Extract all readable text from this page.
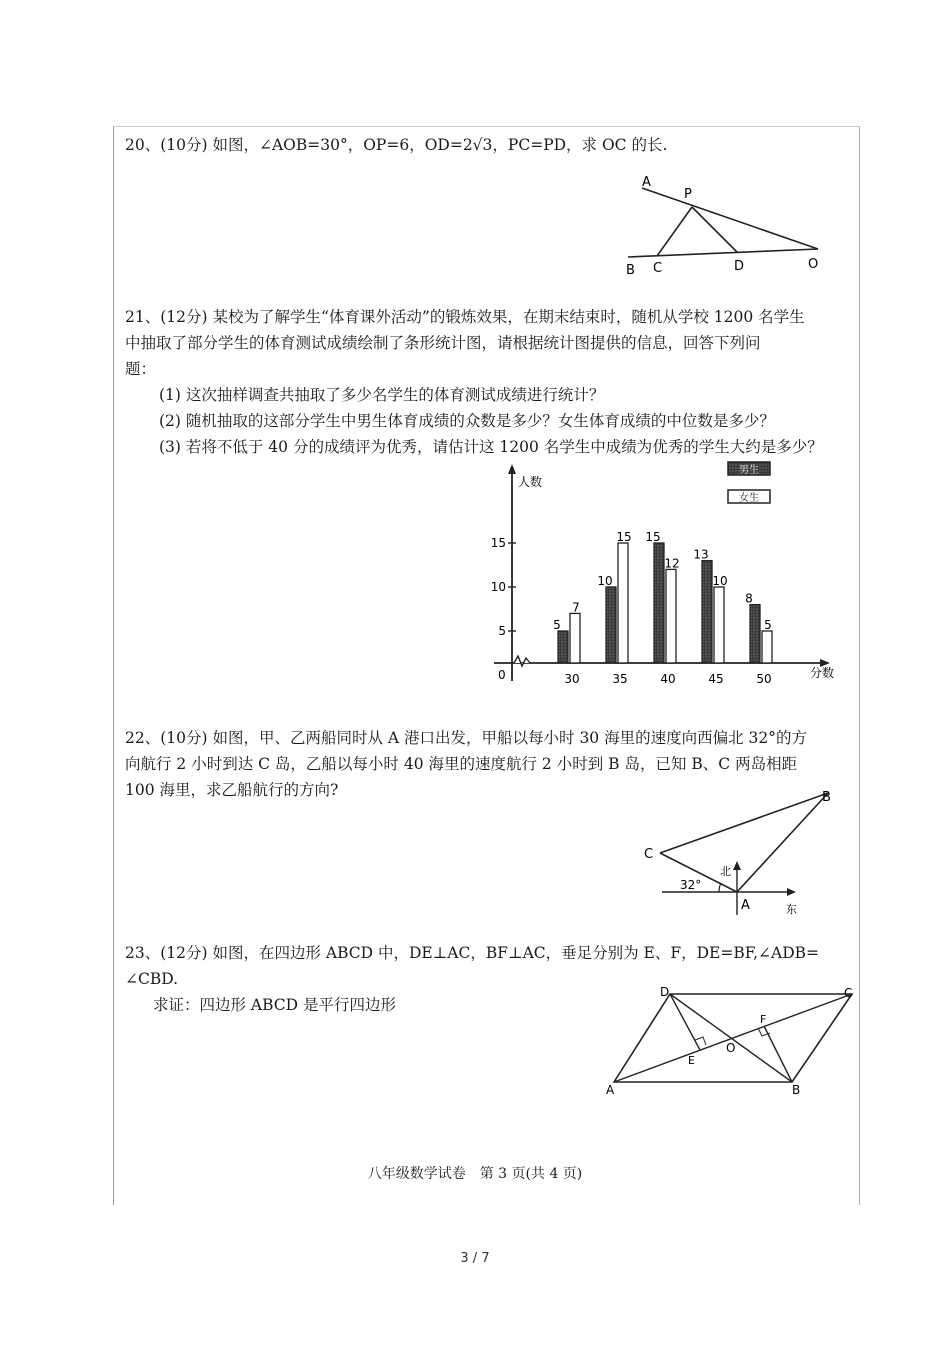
20、(10分) 如图，∠AOB=30°，OP=6，OD=2√3，PC=PD，求 OC 的长.
A
P
B C	D	O

21、(12分) 某校为了解学生“体育课外活动”的锻炼效果，在期末结束时，随机从学校 1200 名学生

中抽取了部分学生的体育测试成绩绘制了条形统计图，请根据统计图提供的信息，回答下列问

题：

(1) 这次抽样调查共抽取了多少名学生的体育测试成绩进行统计？

(2) 随机抽取的这部分学生中男生体育成绩的众数是多少？女生体育成绩的中位数是多少？

(3) 若将不低于 40 分的成绩评为优秀，请估计这 1200 名学生中成绩为优秀的学生大约是多少？

人数
分数
0
5
10
15
30
5
7
35
10
15
40
15
12
45
13
10
50
8
5
男生
女生

22、(10分) 如图，甲、乙两船同时从 A 港口出发，甲船以每小时 30 海里的速度向西偏北 32°的方

向航行 2 小时到达 C 岛，乙船以每小时 40 海里的速度航行 2 小时到 B 岛，已知 B、C 两岛相距

100 海里，求乙船航行的方向?	B
C
A
北
东
32°

23、(12分) 如图，在四边形 ABCD 中，DE⊥AC，BF⊥AC，垂足分别为 E、F，DE=BF,∠ADB=

∠CBD.

求证：四边形 ABCD 是平行四边形

D	C
F
O
E
A	B
八年级数学试卷　第 3 页(共 4 页)
3 / 7
